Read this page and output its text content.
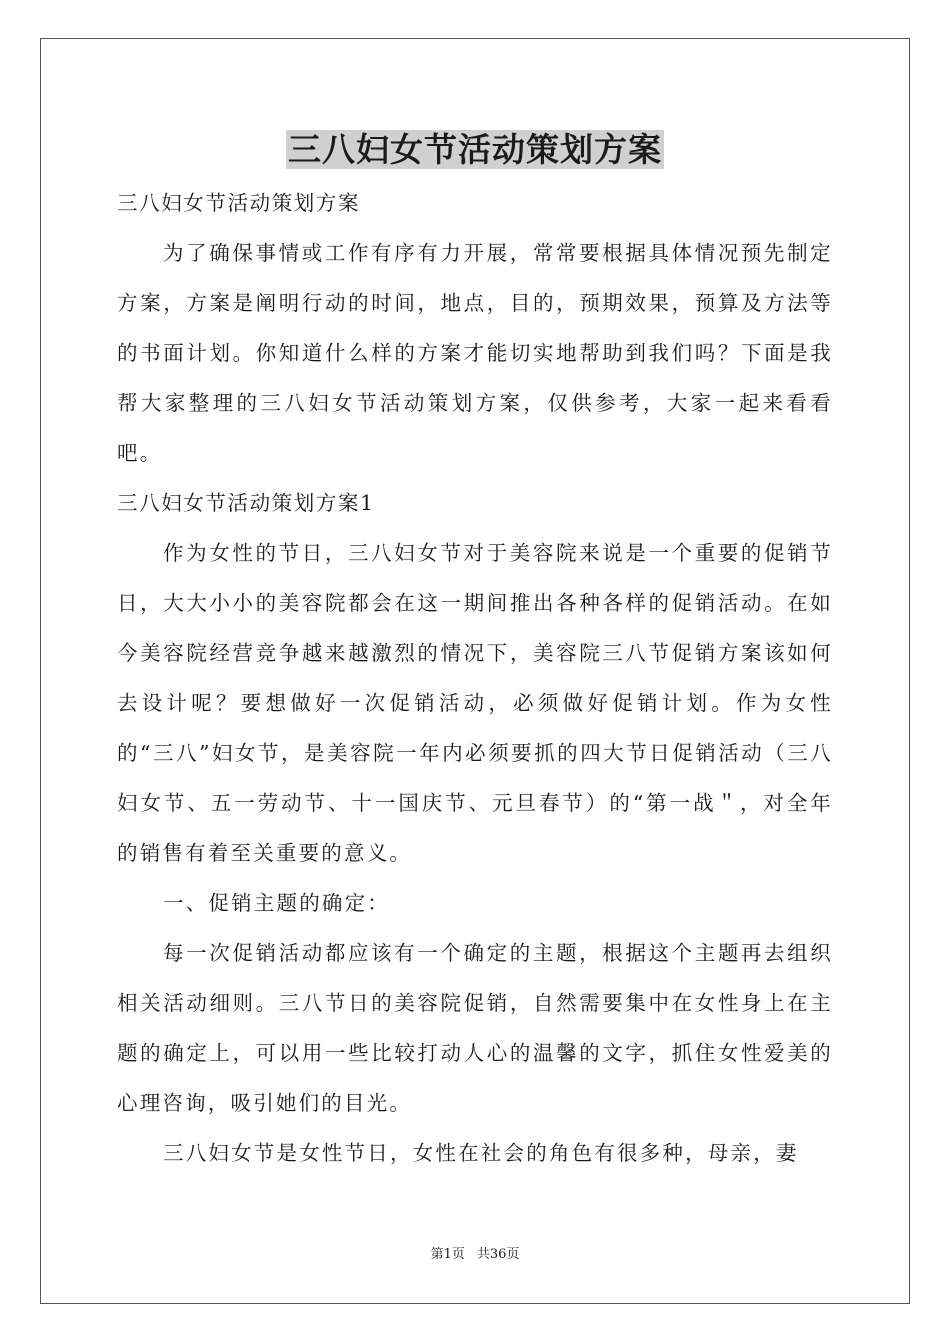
三八妇女节活动策划方案

三八妇女节活动策划方案

为了确保事情或工作有序有力开展，常常要根据具体情况预先制定方案，方案是阐明行动的时间，地点，目的，预期效果，预算及方法等的书面计划。你知道什么样的方案才能切实地帮助到我们吗？下面是我帮大家整理的三八妇女节活动策划方案，仅供参考，大家一起来看看吧。

三八妇女节活动策划方案1

作为女性的节日，三八妇女节对于美容院来说是一个重要的促销节日，大大小小的美容院都会在这一期间推出各种各样的促销活动。在如今美容院经营竞争越来越激烈的情况下，美容院三八节促销方案该如何去设计呢？要想做好一次促销活动，必须做好促销计划。作为女性的“三八”妇女节，是美容院一年内必须要抓的四大节日促销活动（三八妇女节、五一劳动节、十一国庆节、元旦春节）的“第一战＂，对全年的销售有着至关重要的意义。

一、促销主题的确定：

每一次促销活动都应该有一个确定的主题，根据这个主题再去组织相关活动细则。三八节日的美容院促销，自然需要集中在女性身上在主题的确定上，可以用一些比较打动人心的温馨的文字，抓住女性爱美的心理咨询，吸引她们的目光。

三八妇女节是女性节日，女性在社会的角色有很多种，母亲，妻

第1页 共36页
